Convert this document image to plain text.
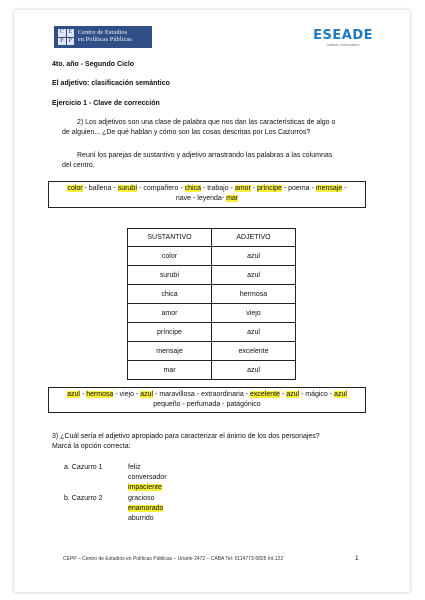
C E
P P
Centro de Estudios
en Políticas Públicas	ESEADE
Instituto Universitario
4to. año - Segundo Ciclo
El adjetivo: clasificación semántico
Ejercicio 1 - Clave de corrección
2) Los adjetivos son una clase de palabra que nos dan las características de algo o
de alguien... ¿De qué hablan y cómo son las cosas descritas por Los Cazurros?
Reuní los parejas de sustantivo y adjetivo arrastrando las palabras a las columnas
del centro.
color - ballena - surubí - compañero - chica - trabajo - amor - príncipe - poema - mensaje -
nave - leyenda- mar
SUSTANTIVO	ADJETIVO
color	azul
surubí	azul
chica	hermosa
amor	viejo
príncipe	azul
mensaje	excelente
mar	azul
azul - hermosa - viejo - azul - maravillosa - extraordinaria - excelente - azul - mágico - azul
pequeño - perfumada - patagónico
3) ¿Cuál sería el adjetivo apropiado para caracterizar el ánimo de los dos personajes?
Marcá la opción correcta:
a. Cazurro 1	feliz
conversador
impaciente
b. Cazurro 2	gracioso
enamorado
aburrido
CEPP – Centro de Estudios en Políticas Públicas – Uriarte 2472 – CABA Tel: 0114773-5825 Int.122	1
